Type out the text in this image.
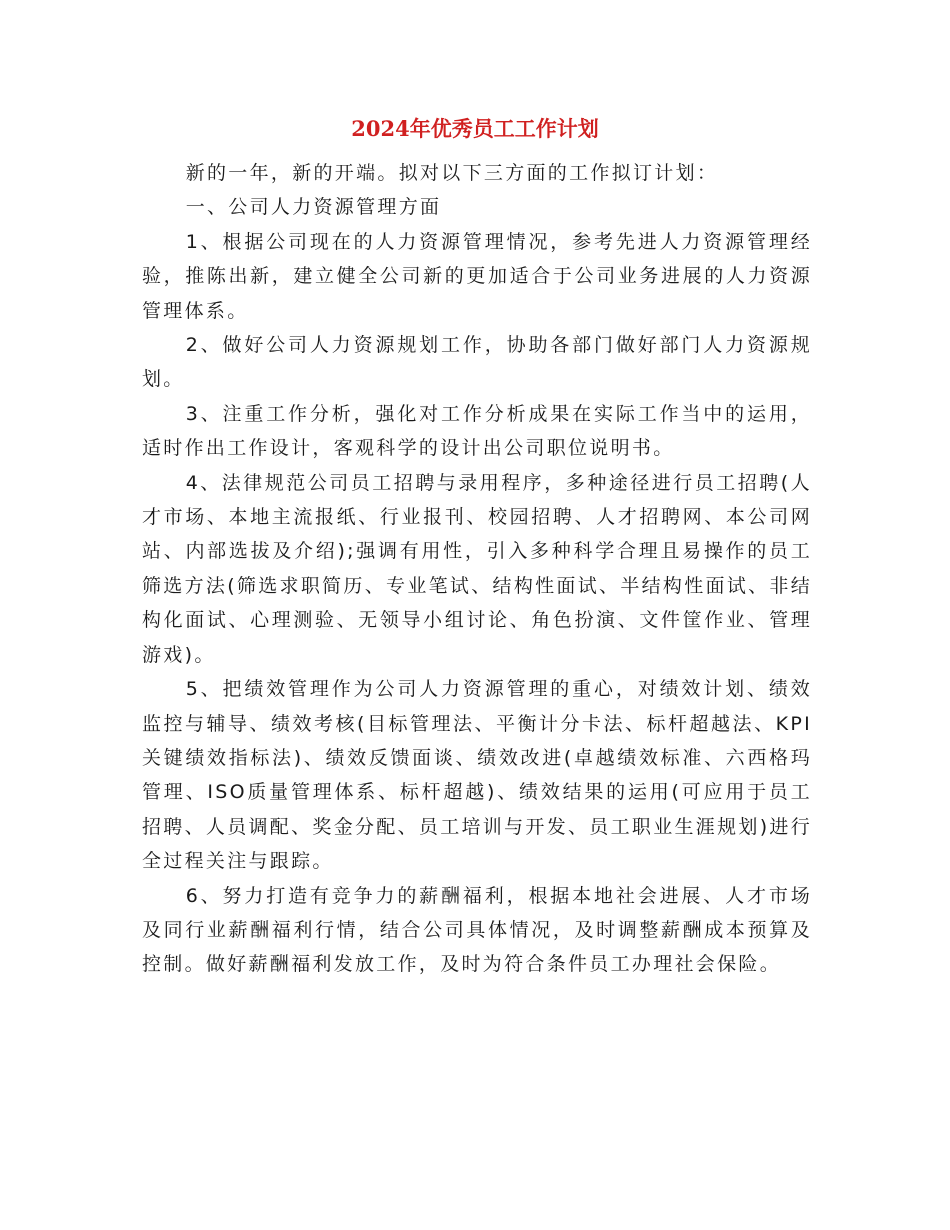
2024年优秀员工工作计划

新的一年，新的开端。拟对以下三方面的工作拟订计划：

一、公司人力资源管理方面

1、根据公司现在的人力资源管理情况，参考先进人力资源管理经验，推陈出新，建立健全公司新的更加适合于公司业务进展的人力资源管理体系。

2、做好公司人力资源规划工作，协助各部门做好部门人力资源规划。

3、注重工作分析，强化对工作分析成果在实际工作当中的运用，适时作出工作设计，客观科学的设计出公司职位说明书。

4、法律规范公司员工招聘与录用程序，多种途径进行员工招聘(人才市场、本地主流报纸、行业报刊、校园招聘、人才招聘网、本公司网站、内部选拔及介绍);强调有用性，引入多种科学合理且易操作的员工筛选方法(筛选求职简历、专业笔试、结构性面试、半结构性面试、非结构化面试、心理测验、无领导小组讨论、角色扮演、文件筐作业、管理游戏)。

5、把绩效管理作为公司人力资源管理的重心，对绩效计划、绩效监控与辅导、绩效考核(目标管理法、平衡计分卡法、标杆超越法、KPI关键绩效指标法)、绩效反馈面谈、绩效改进(卓越绩效标准、六西格玛管理、ISO质量管理体系、标杆超越)、绩效结果的运用(可应用于员工招聘、人员调配、奖金分配、员工培训与开发、员工职业生涯规划)进行全过程关注与跟踪。

6、努力打造有竞争力的薪酬福利，根据本地社会进展、人才市场及同行业薪酬福利行情，结合公司具体情况，及时调整薪酬成本预算及控制。做好薪酬福利发放工作，及时为符合条件员工办理社会保险。
